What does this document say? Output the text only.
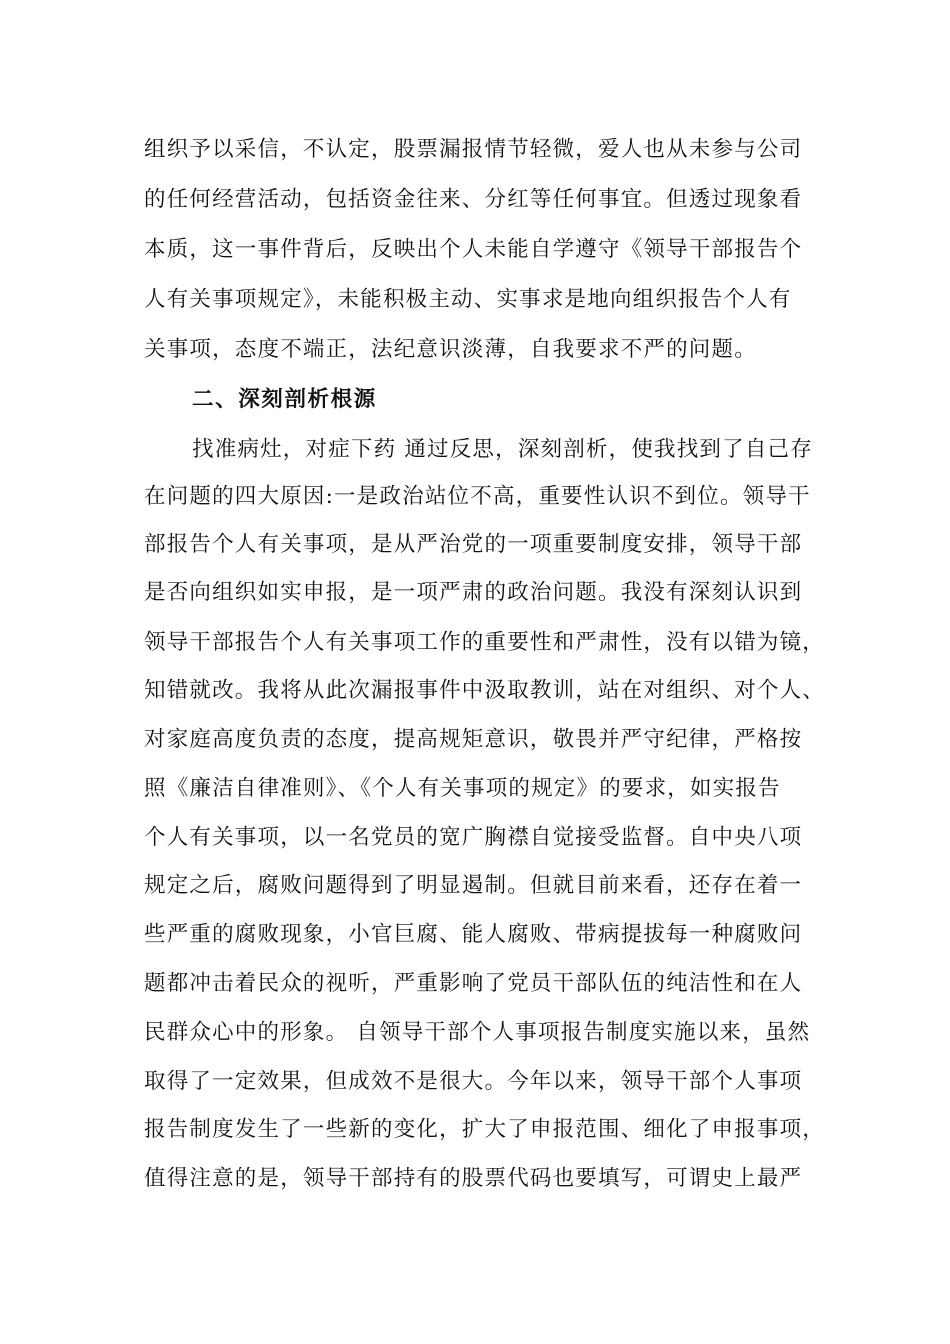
组织予以采信，不认定，股票漏报情节轻微，爱人也从未参与公司
的任何经营活动，包括资金往来、分红等任何事宜。但透过现象看
本质，这一事件背后，反映出个人未能自学遵守《领导干部报告个
人有关事项规定》，未能积极主动、实事求是地向组织报告个人有
关事项，态度不端正，法纪意识淡薄，自我要求不严的问题。
二、深刻剖析根源
找准病灶，对症下药 通过反思，深刻剖析，使我找到了自己存
在问题的四大原因:一是政治站位不高，重要性认识不到位。领导干
部报告个人有关事项，是从严治党的一项重要制度安排，领导干部
是否向组织如实申报，是一项严肃的政治问题。我没有深刻认识到
领导干部报告个人有关事项工作的重要性和严肃性，没有以错为镜，
知错就改。我将从此次漏报事件中汲取教训，站在对组织、对个人、
对家庭高度负责的态度，提高规矩意识，敬畏并严守纪律，严格按
照《廉洁自律准则》、《个人有关事项的规定》的要求，如实报告
个人有关事项，以一名党员的宽广胸襟自觉接受监督。自中央八项
规定之后，腐败问题得到了明显遏制。但就目前来看，还存在着一
些严重的腐败现象，小官巨腐、能人腐败、带病提拔每一种腐败问
题都冲击着民众的视听，严重影响了党员干部队伍的纯洁性和在人
民群众心中的形象。 自领导干部个人事项报告制度实施以来，虽然
取得了一定效果，但成效不是很大。今年以来，领导干部个人事项
报告制度发生了一些新的变化，扩大了申报范围、细化了申报事项，
值得注意的是，领导干部持有的股票代码也要填写，可谓史上最严
